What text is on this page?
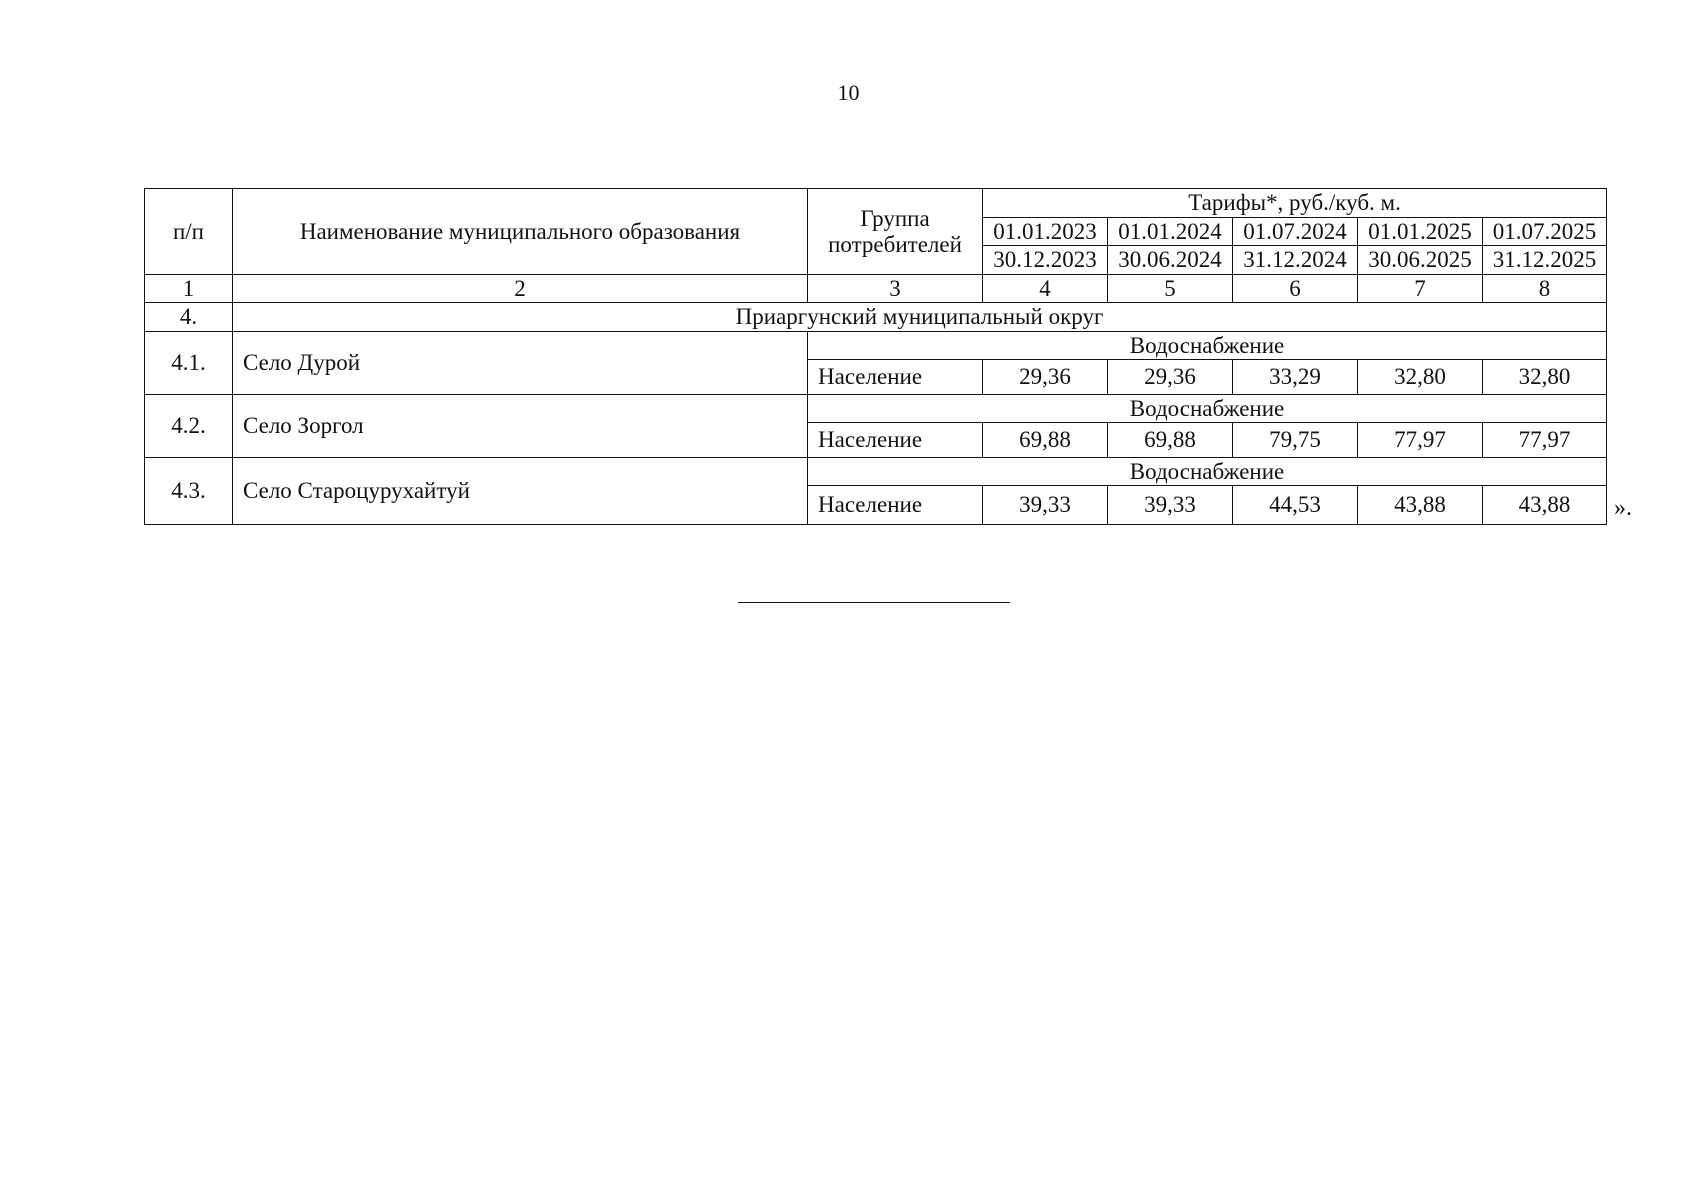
10
п/п	Наименование муниципального образования	Группа потребителей	Тарифы*, руб./куб. м.				
			01.01.2023	01.01.2024	01.07.2024	01.01.2025	01.07.2025
			30.12.2023	30.06.2024	31.12.2024	30.06.2025	31.12.2025
1	2	3	4	5	6	7	8
4.	Приаргунский муниципальный округ						
4.1.	Село Дурой	Водоснабжение					
		Население	29,36	29,36	33,29	32,80	32,80
4.2.	Село Зоргол	Водоснабжение					
		Население	69,88	69,88	79,75	77,97	77,97
4.3.	Село Староцурухайтуй	Водоснабжение					
		Население	39,33	39,33	44,53	43,88	43,88 ».
